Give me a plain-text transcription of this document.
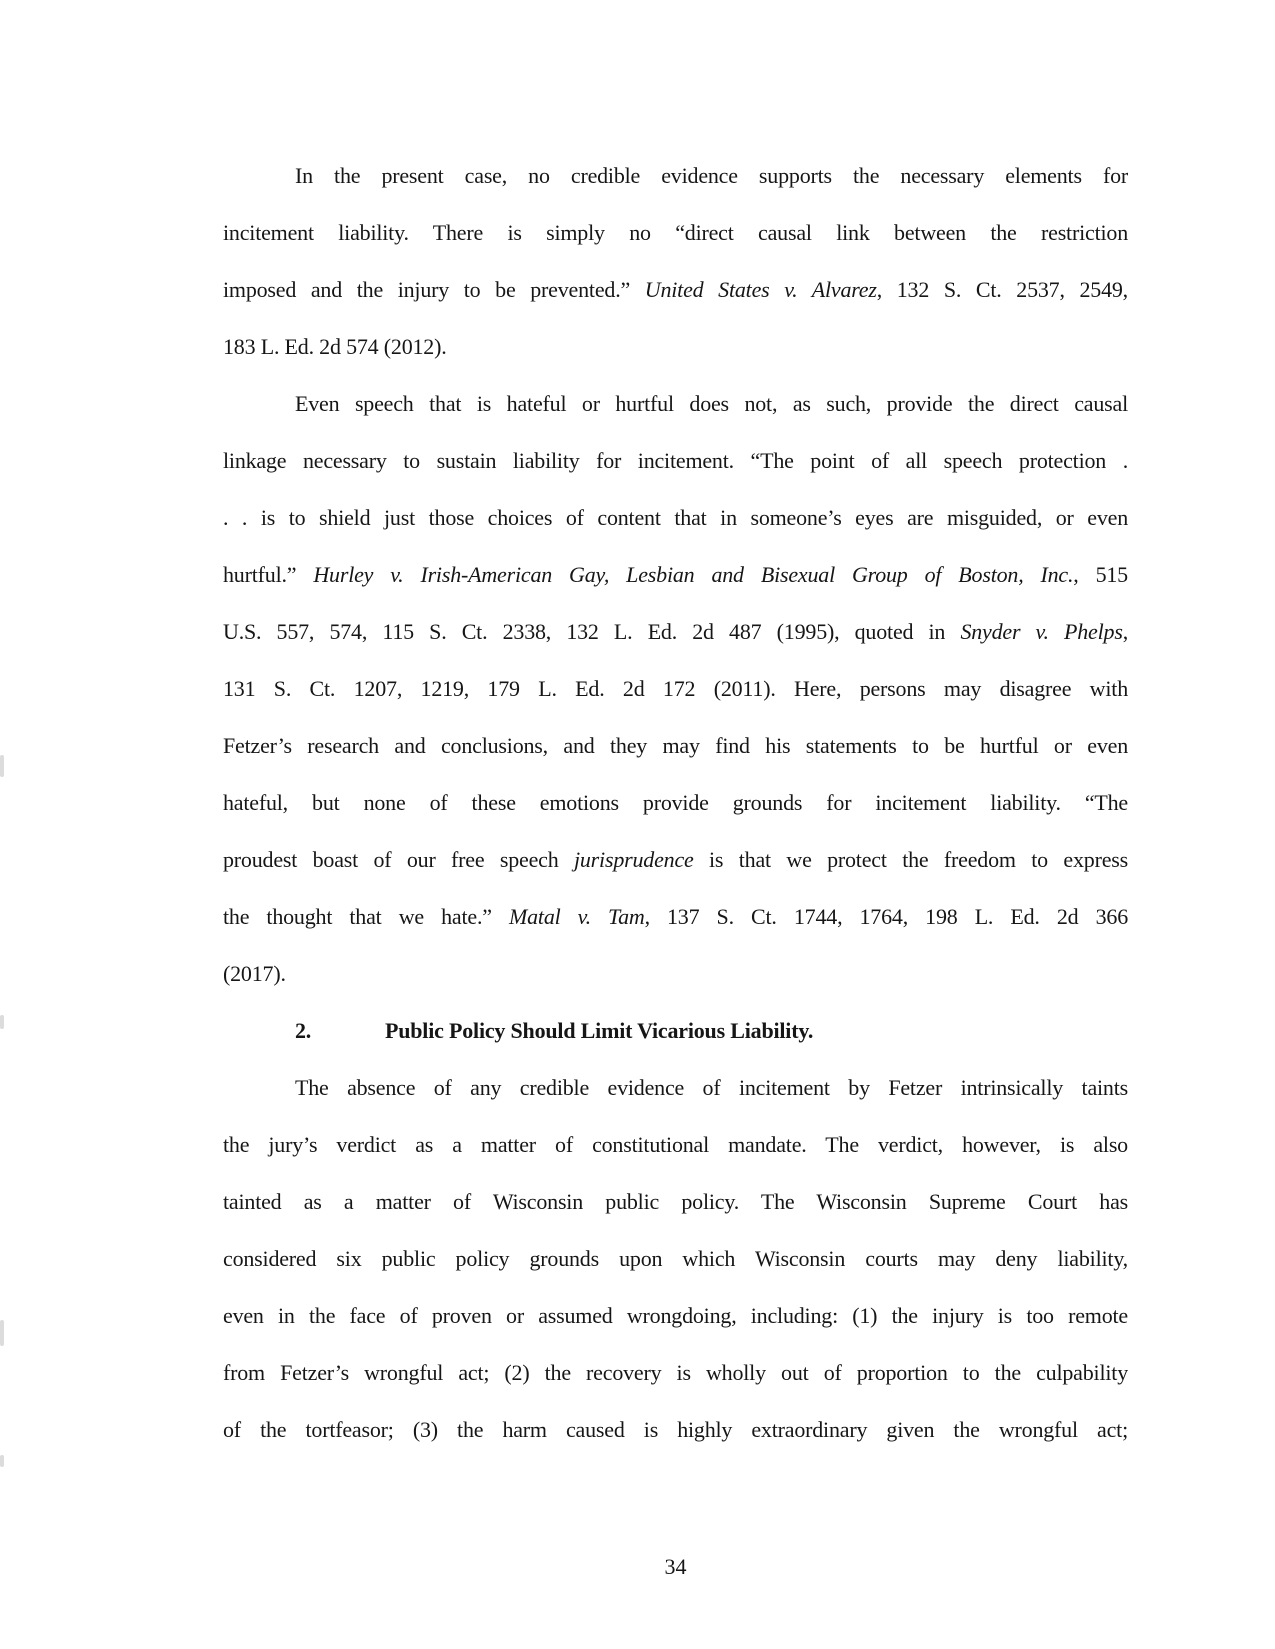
In the present case, no credible evidence supports the necessary elements for
incitement liability. There is simply no “direct causal link between the restriction
imposed and the injury to be prevented.” United States v. Alvarez, 132 S. Ct. 2537, 2549,
183 L. Ed. 2d 574 (2012).
Even speech that is hateful or hurtful does not, as such, provide the direct causal
linkage necessary to sustain liability for incitement. “The point of all speech protection .
. . is to shield just those choices of content that in someone’s eyes are misguided, or even
hurtful.” Hurley v. Irish-American Gay, Lesbian and Bisexual Group of Boston, Inc., 515
U.S. 557, 574, 115 S. Ct. 2338, 132 L. Ed. 2d 487 (1995), quoted in Snyder v. Phelps,
131 S. Ct. 1207, 1219, 179 L. Ed. 2d 172 (2011). Here, persons may disagree with
Fetzer’s research and conclusions, and they may find his statements to be hurtful or even
hateful, but none of these emotions provide grounds for incitement liability. “The
proudest boast of our free speech jurisprudence is that we protect the freedom to express
the thought that we hate.” Matal v. Tam, 137 S. Ct. 1744, 1764, 198 L. Ed. 2d 366
(2017).
2.	Public Policy Should Limit Vicarious Liability.
The absence of any credible evidence of incitement by Fetzer intrinsically taints
the jury’s verdict as a matter of constitutional mandate. The verdict, however, is also
tainted as a matter of Wisconsin public policy. The Wisconsin Supreme Court has
considered six public policy grounds upon which Wisconsin courts may deny liability,
even in the face of proven or assumed wrongdoing, including: (1) the injury is too remote
from Fetzer’s wrongful act; (2) the recovery is wholly out of proportion to the culpability
of the tortfeasor; (3) the harm caused is highly extraordinary given the wrongful act;
34
